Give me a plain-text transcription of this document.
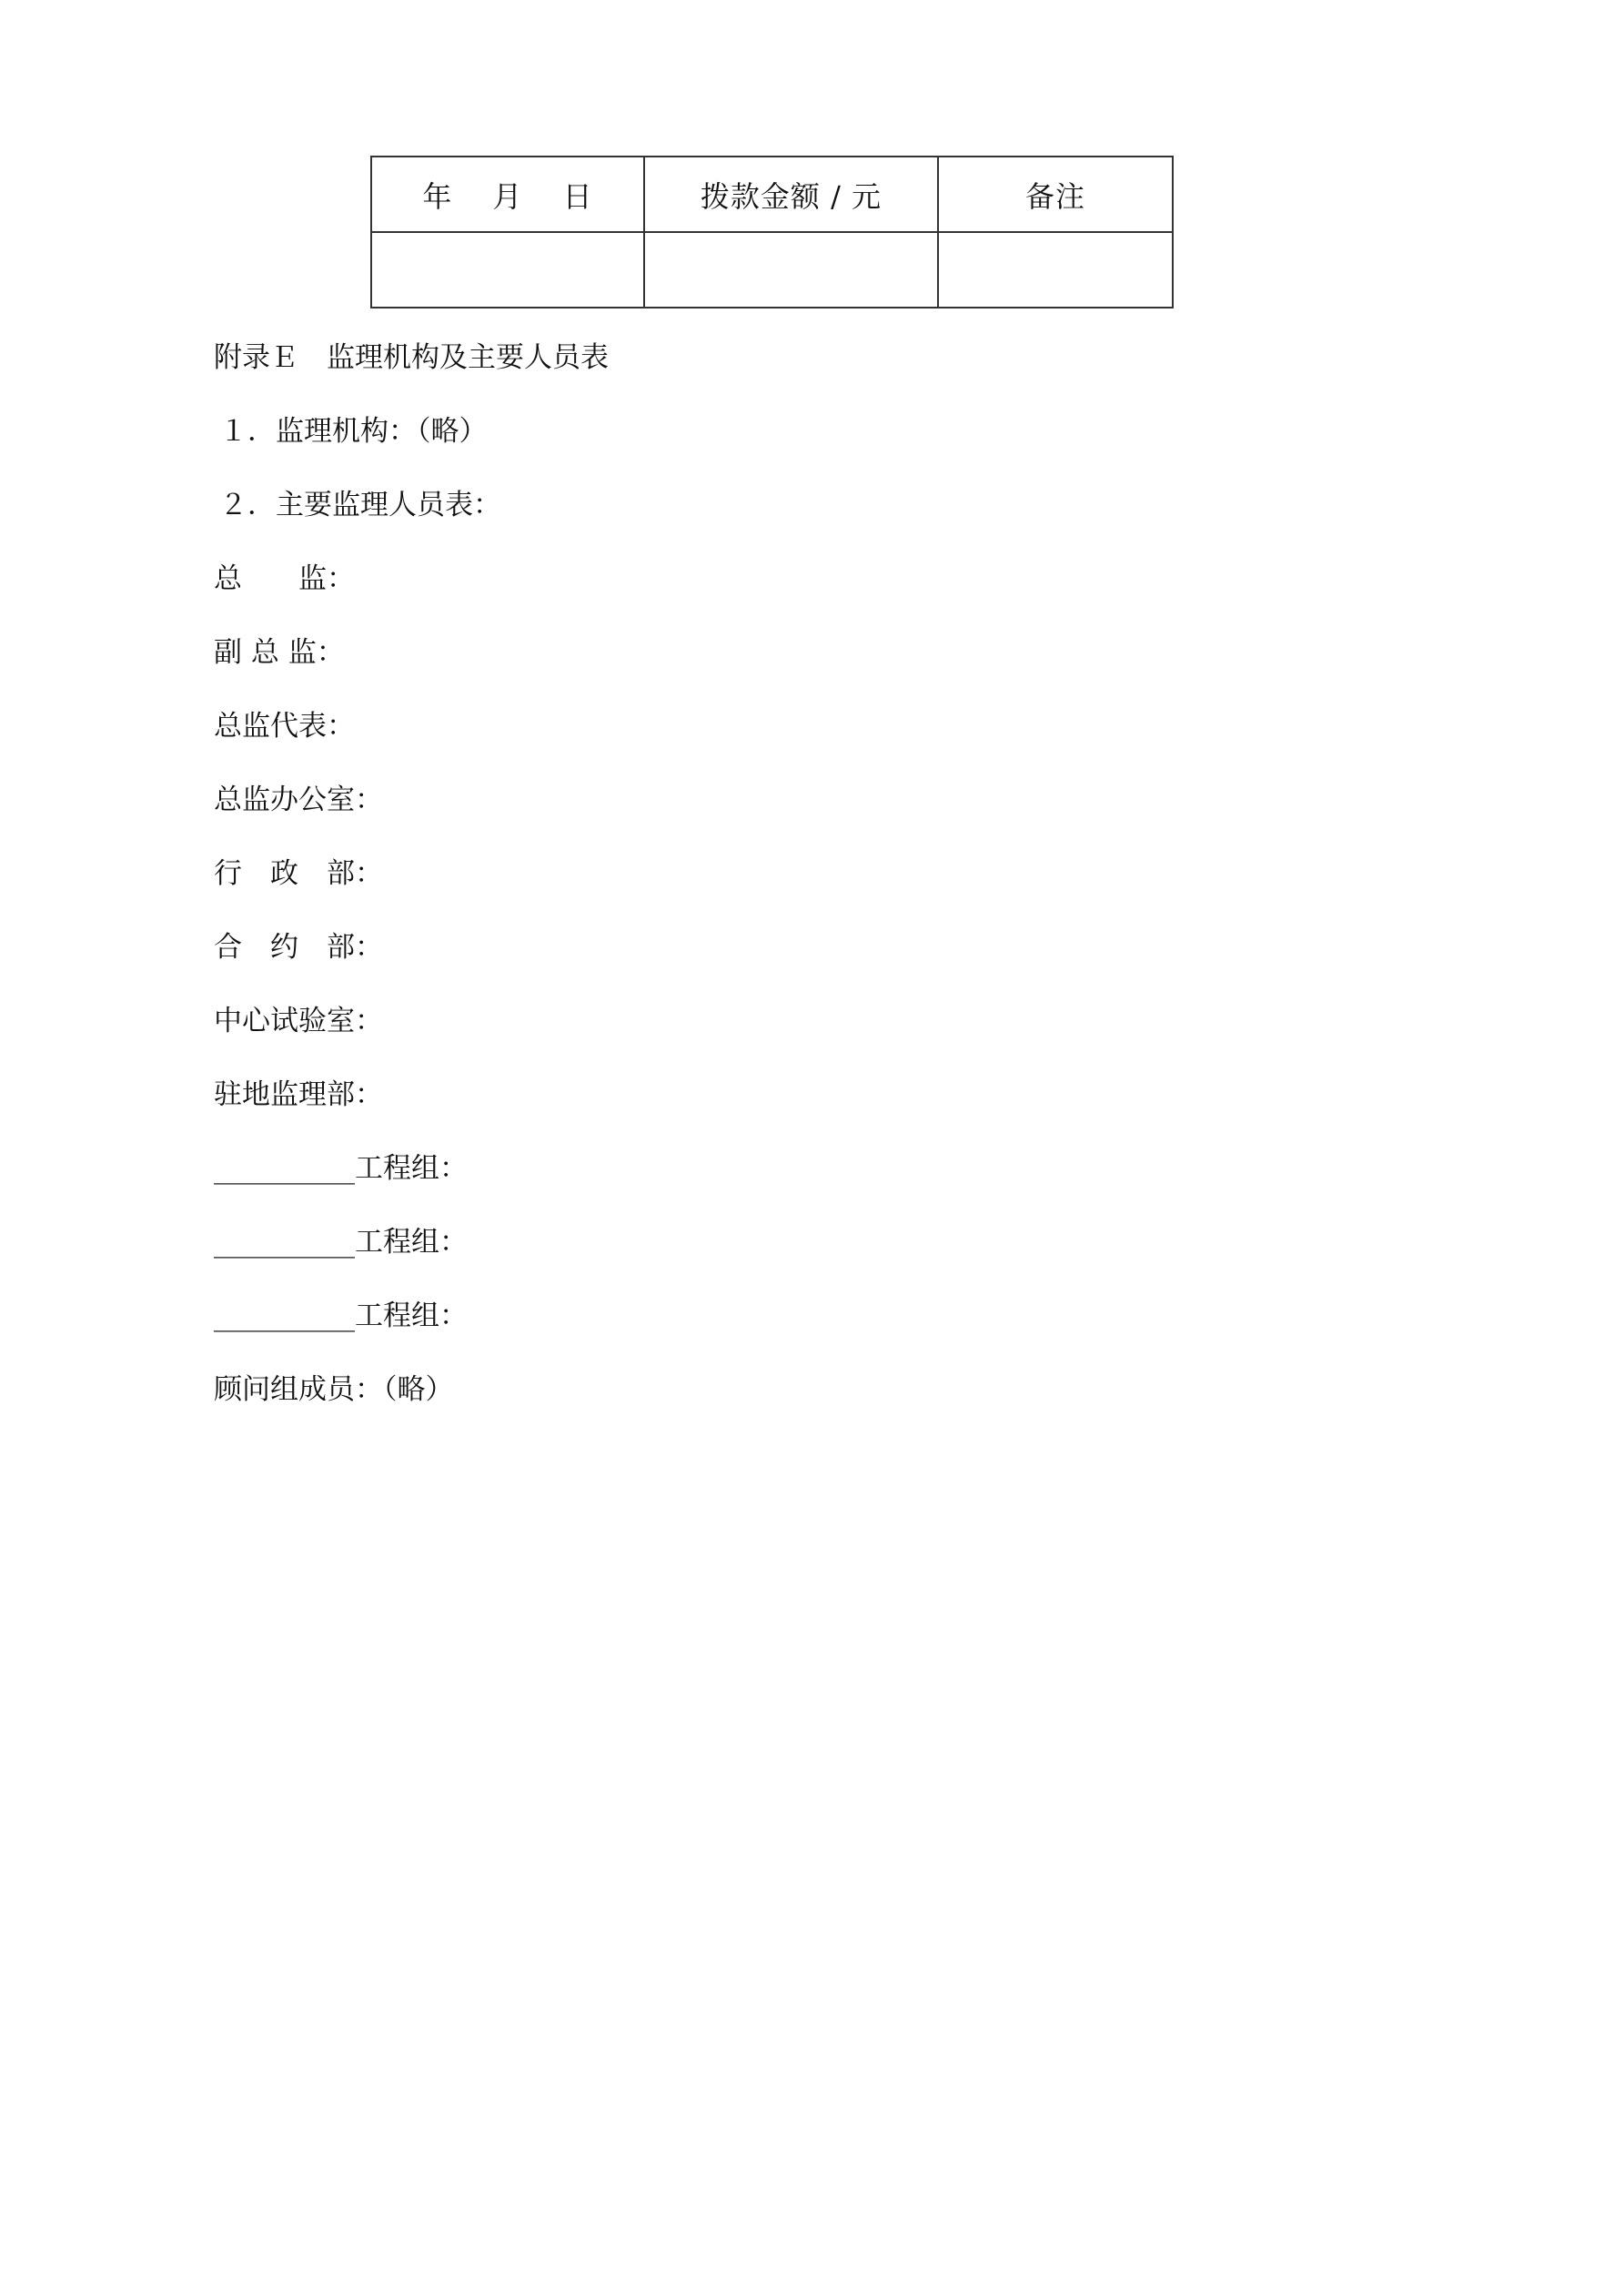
年　 月　 日	拨款金额 / 元	备注

附录Ｅ　监理机构及主要人员表
１．监理机构：（略）
２．主要监理人员表：
总　　监：
副 总 监：
总监代表：
总监办公室：
行　政　部：
合　约　部：
中心试验室：
驻地监理部：
__________工程组：
__________工程组：
__________工程组：
顾问组成员：（略）
